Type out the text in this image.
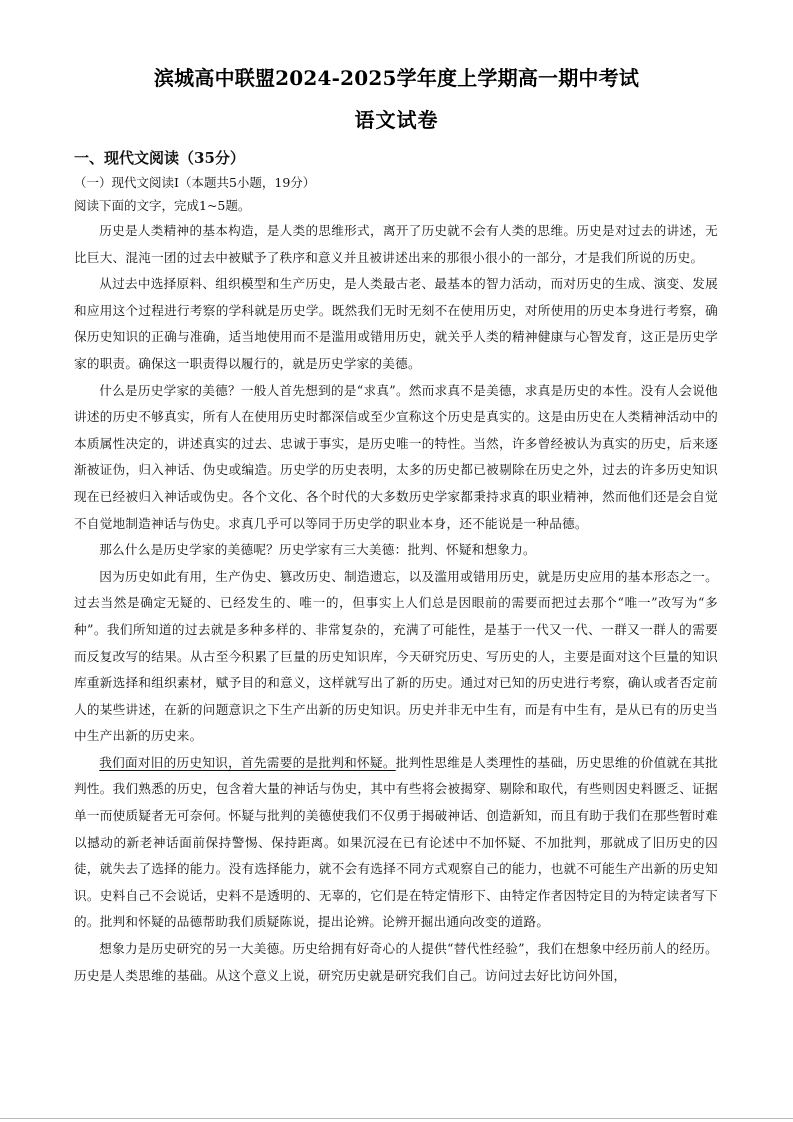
滨城高中联盟2024-2025学年度上学期高一期中考试
语文试卷
一、现代文阅读（35分）
（一）现代文阅读Ⅰ（本题共5小题，19分）
阅读下面的文字，完成1~5题。

历史是人类精神的基本构造，是人类的思维形式，离开了历史就不会有人类的思维。历史是对过去的讲述，无比巨大、混沌一团的过去中被赋予了秩序和意义并且被讲述出来的那很小很小的一部分，才是我们所说的历史。

从过去中选择原料、组织模型和生产历史，是人类最古老、最基本的智力活动，而对历史的生成、演变、发展和应用这个过程进行考察的学科就是历史学。既然我们无时无刻不在使用历史，对所使用的历史本身进行考察，确保历史知识的正确与准确，适当地使用而不是滥用或错用历史，就关乎人类的精神健康与心智发育，这正是历史学家的职责。确保这一职责得以履行的，就是历史学家的美德。

什么是历史学家的美德？一般人首先想到的是“求真”。然而求真不是美德，求真是历史的本性。没有人会说他讲述的历史不够真实，所有人在使用历史时都深信或至少宣称这个历史是真实的。这是由历史在人类精神活动中的本质属性决定的，讲述真实的过去、忠诚于事实，是历史唯一的特性。当然，许多曾经被认为真实的历史，后来逐渐被证伪，归入神话、伪史或编造。历史学的历史表明，太多的历史都已被剔除在历史之外，过去的许多历史知识现在已经被归入神话或伪史。各个文化、各个时代的大多数历史学家都秉持求真的职业精神，然而他们还是会自觉不自觉地制造神话与伪史。求真几乎可以等同于历史学的职业本身，还不能说是一种品德。

那么什么是历史学家的美德呢？历史学家有三大美德：批判、怀疑和想象力。

因为历史如此有用，生产伪史、篡改历史、制造遗忘，以及滥用或错用历史，就是历史应用的基本形态之一。过去当然是确定无疑的、已经发生的、唯一的，但事实上人们总是因眼前的需要而把过去那个“唯一”改写为“多种”。我们所知道的过去就是多种多样的、非常复杂的，充满了可能性，是基于一代又一代、一群又一群人的需要而反复改写的结果。从古至今积累了巨量的历史知识库，今天研究历史、写历史的人，主要是面对这个巨量的知识库重新选择和组织素材，赋予目的和意义，这样就写出了新的历史。通过对已知的历史进行考察，确认或者否定前人的某些讲述，在新的问题意识之下生产出新的历史知识。历史并非无中生有，而是有中生有，是从已有的历史当中生产出新的历史来。

我们面对旧的历史知识，首先需要的是批判和怀疑。批判性思维是人类理性的基础，历史思维的价值就在其批判性。我们熟悉的历史，包含着大量的神话与伪史，其中有些将会被揭穿、剔除和取代，有些则因史料匮乏、证据单一而使质疑者无可奈何。怀疑与批判的美德使我们不仅勇于揭破神话、创造新知，而且有助于我们在那些暂时难以撼动的新老神话面前保持警惕、保持距离。如果沉浸在已有论述中不加怀疑、不加批判，那就成了旧历史的囚徒，就失去了选择的能力。没有选择能力，就不会有选择不同方式观察自己的能力，也就不可能生产出新的历史知识。史料自己不会说话，史料不是透明的、无辜的，它们是在特定情形下、由特定作者因特定目的为特定读者写下的。批判和怀疑的品德帮助我们质疑陈说，提出论辨。论辨开掘出通向改变的道路。

想象力是历史研究的另一大美德。历史给拥有好奇心的人提供“替代性经验”，我们在想象中经历前人的经历。历史是人类思维的基础。从这个意义上说，研究历史就是研究我们自己。访问过去好比访问外国，
